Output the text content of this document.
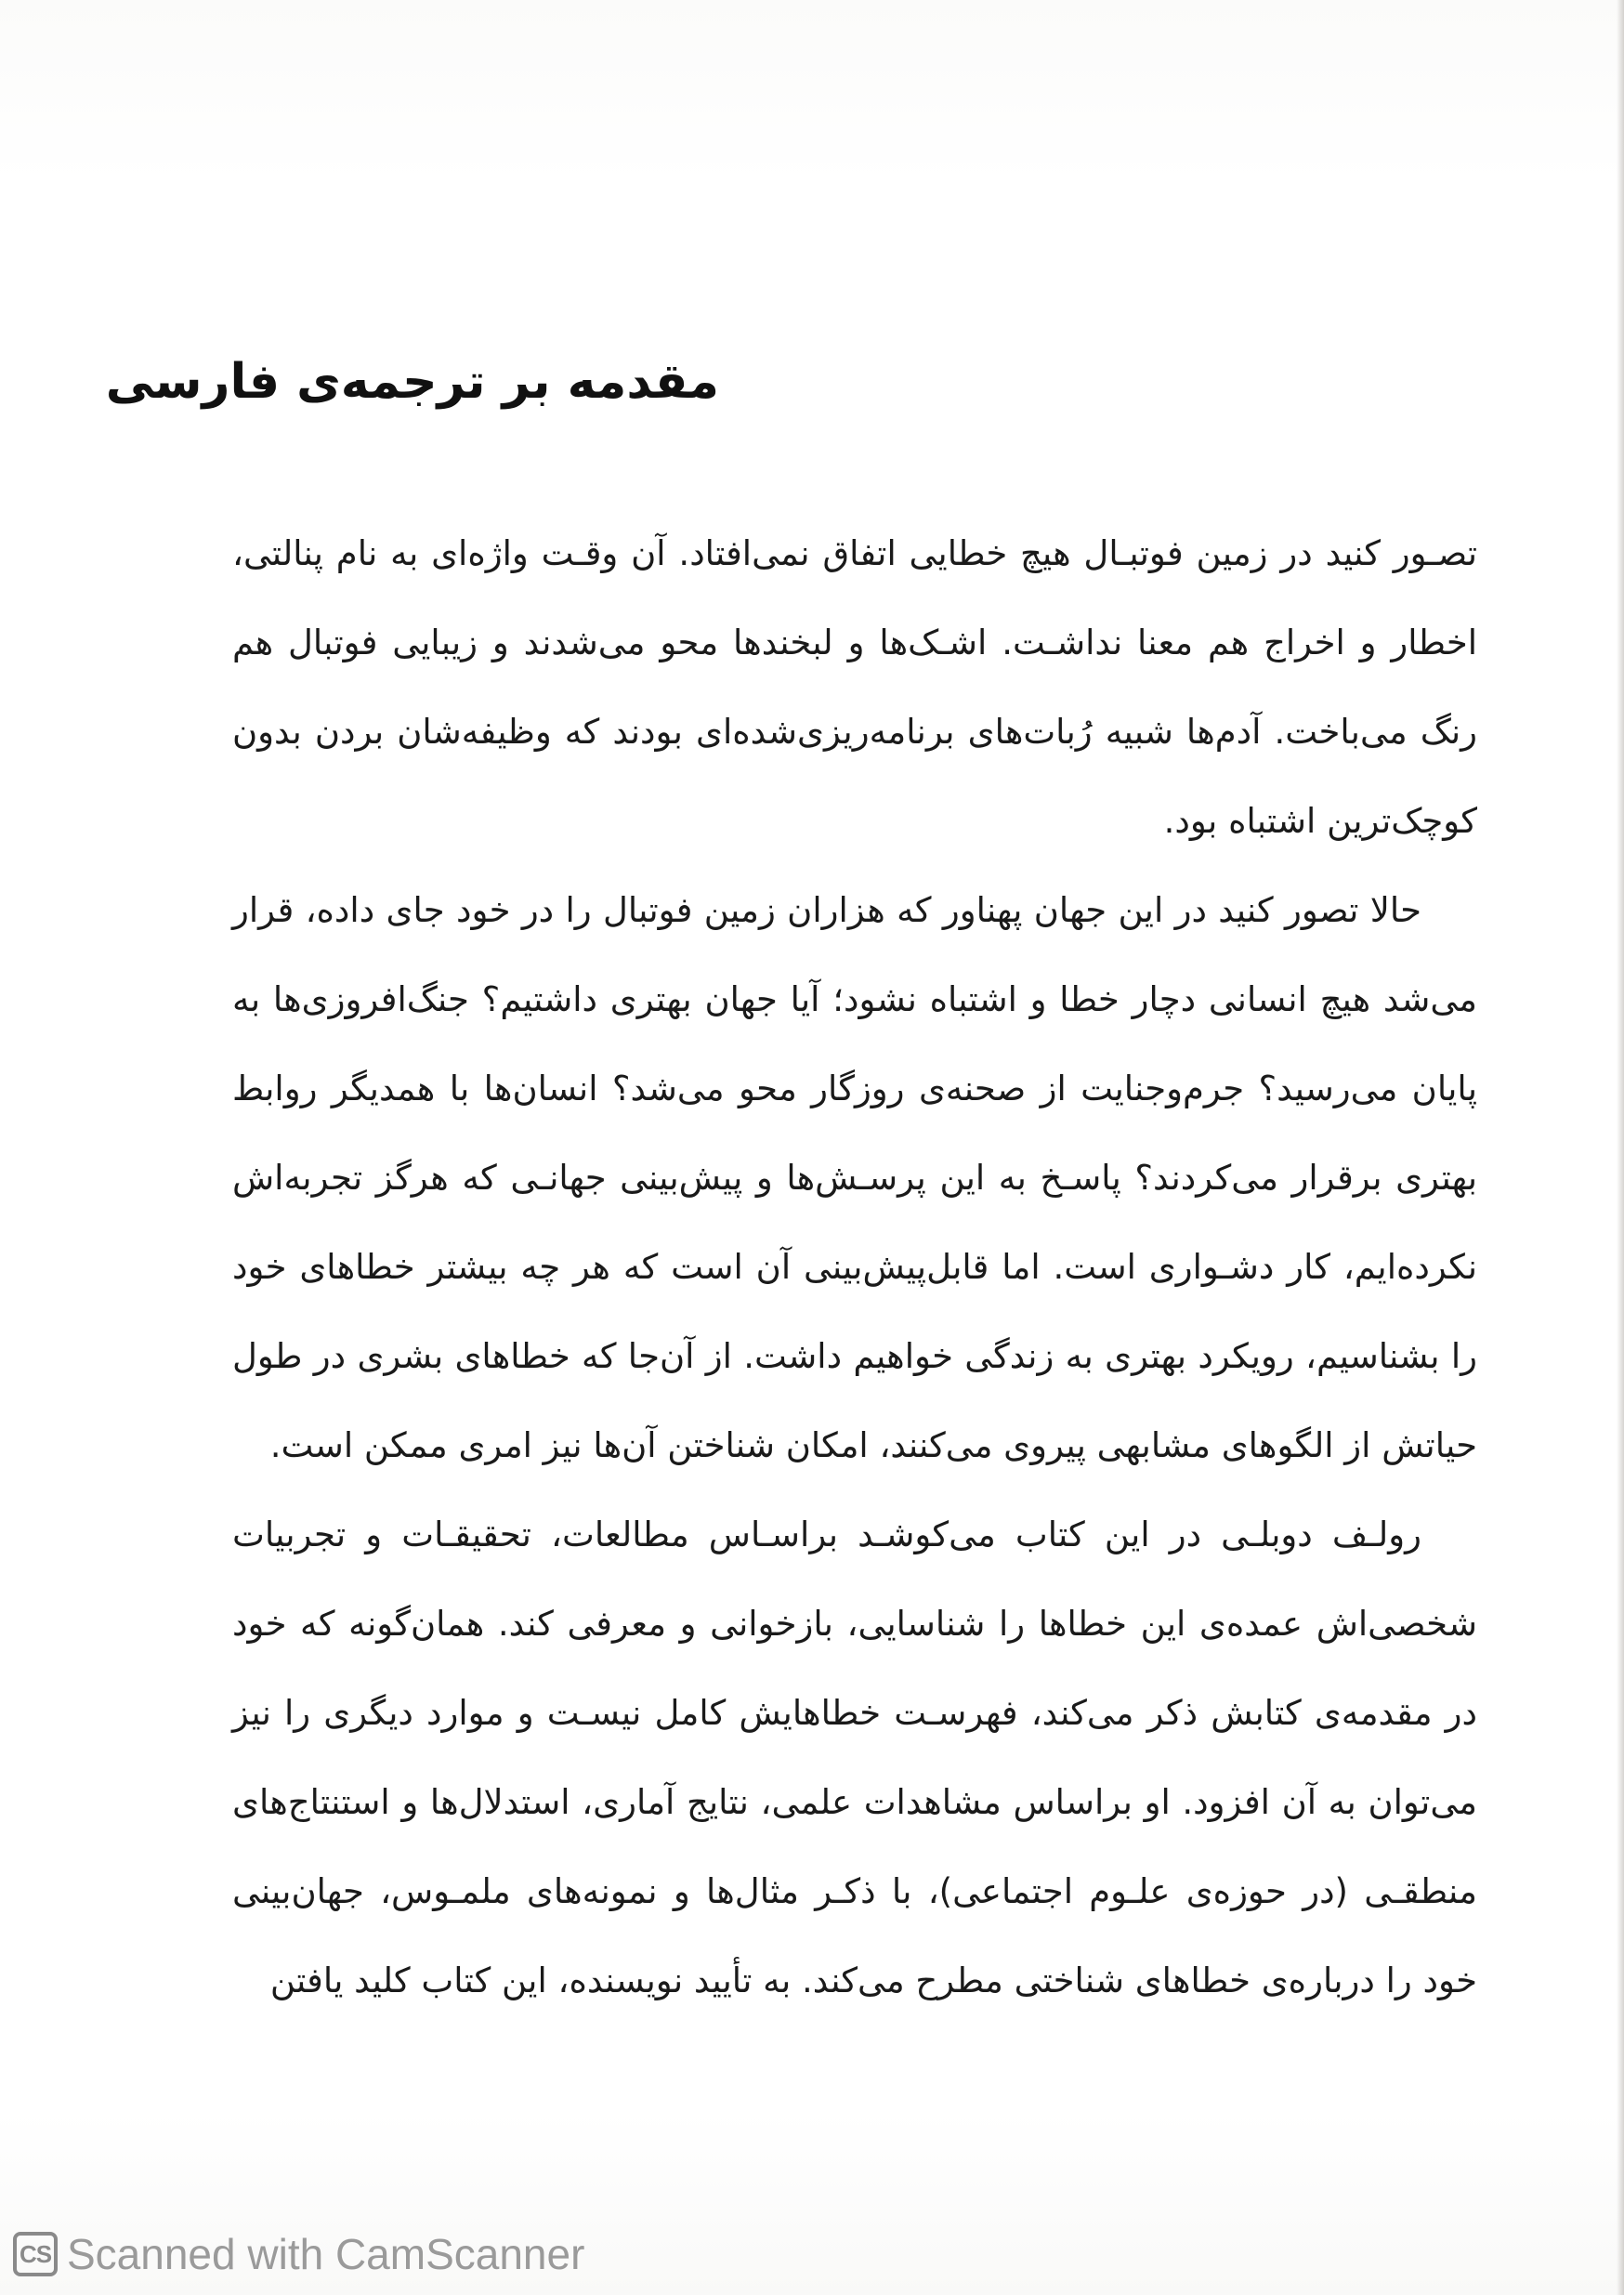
مقدمه بر ترجمه‌ی فارسی

تصـور کنید در زمین فوتبـال هیچ خطایی اتفاق نمی‌افتاد. آن وقـت واژه‌ای به نام پنالتی، اخطار و اخراج هم معنا نداشـت. اشـک‌ها و لبخندها محو می‌شدند و زیبایی فوتبال هم رنگ می‌باخت. آدم‌ها شبیه رُبات‌های برنامه‌ریزی‌شده‌ای بودند که وظیفه‌شان بردن بدون کوچک‌ترین اشتباه بود.

حالا تصور کنید در این جهان پهناور که هزاران زمین فوتبال را در خود جای داده، قرار می‌شد هیچ انسانی دچار خطا و اشتباه نشود؛ آیا جهان بهتری داشتیم؟ جنگ‌افروزی‌ها به پایان می‌رسید؟ جرم‌وجنایت از صحنه‌ی روزگار محو می‌شد؟ انسان‌ها با همدیگر روابط بهتری برقرار می‌کردند؟ پاسـخ به این پرسـش‌ها و پیش‌بینی جهانـی که هرگز تجربه‌اش نکرده‌ایم، کار دشـواری است. اما قابل‌پیش‌بینی آن است که هر چه بیشتر خطاهای خود را بشناسیم، رویکرد بهتری به زندگی خواهیم داشت. از آن‌جا که خطاهای بشری در طول حیاتش از الگوهای مشابهی پیروی می‌کنند، امکان شناختن آن‌ها نیز امری ممکن است.

رولـف دوبلـی در این کتاب می‌کوشـد براسـاس مطالعات، تحقیقـات و تجربیات شخصی‌اش عمده‌ی این خطاها را شناسایی، بازخوانی و معرفی کند. همان‌گونه که خود در مقدمه‌ی کتابش ذکر می‌کند، فهرسـت خطاهایش کامل نیسـت و موارد دیگری را نیز می‌توان به آن افزود. او براساس مشاهدات علمی، نتایج آماری، استدلال‌ها و استنتاج‌های منطقـی (در حوزه‌ی علـوم اجتماعی)، با ذکـر مثال‌ها و نمونه‌های ملمـوس، جهان‌بینی خود را درباره‌ی خطاهای شناختی مطرح می‌کند. به تأیید نویسنده، این کتاب کلید یافتن

CS Scanned with CamScanner
